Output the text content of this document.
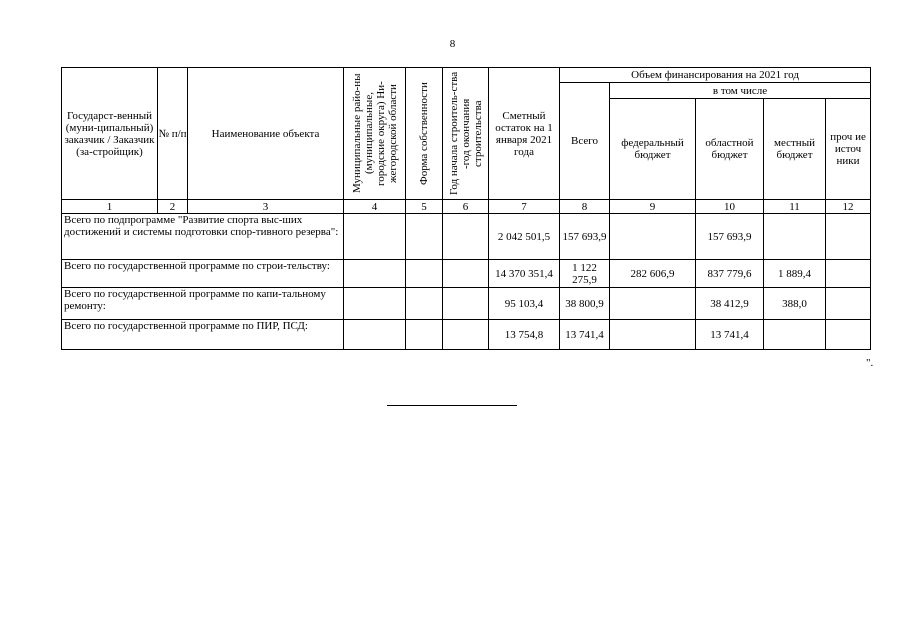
8
Государст-венный (муни-ципальный) заказчик / Заказчик (за-стройщик)	№ п/п	Наименование объекта	Муниципальные райо-ны (муниципальные, городские округа) Ни-жегородской области	Форма собственности	Год начала строитель-ства -год окончания строительства	Сметный остаток на 1 января 2021 года	Объем финансирования на 2021 год				
							Всего	в том числе			
								федеральный бюджет	областной бюджет	местный бюджет	проч ие источ ники
1	2	3	4	5	6	7	8	9	10	11	12
Всего по подпрограмме "Развитие спорта выс-ших достижений и системы подготовки спор-тивного резерва":						2 042 501,5	157 693,9		157 693,9		
Всего по государственной программе по строи-тельству:						14 370 351,4	1 122 275,9	282 606,9	837 779,6	1 889,4	
Всего по государственной программе по капи-тальному ремонту:						95 103,4	38 800,9		38 412,9	388,0	
Всего по государственной программе по ПИР, ПСД:						13 754,8	13 741,4		13 741,4		
".
